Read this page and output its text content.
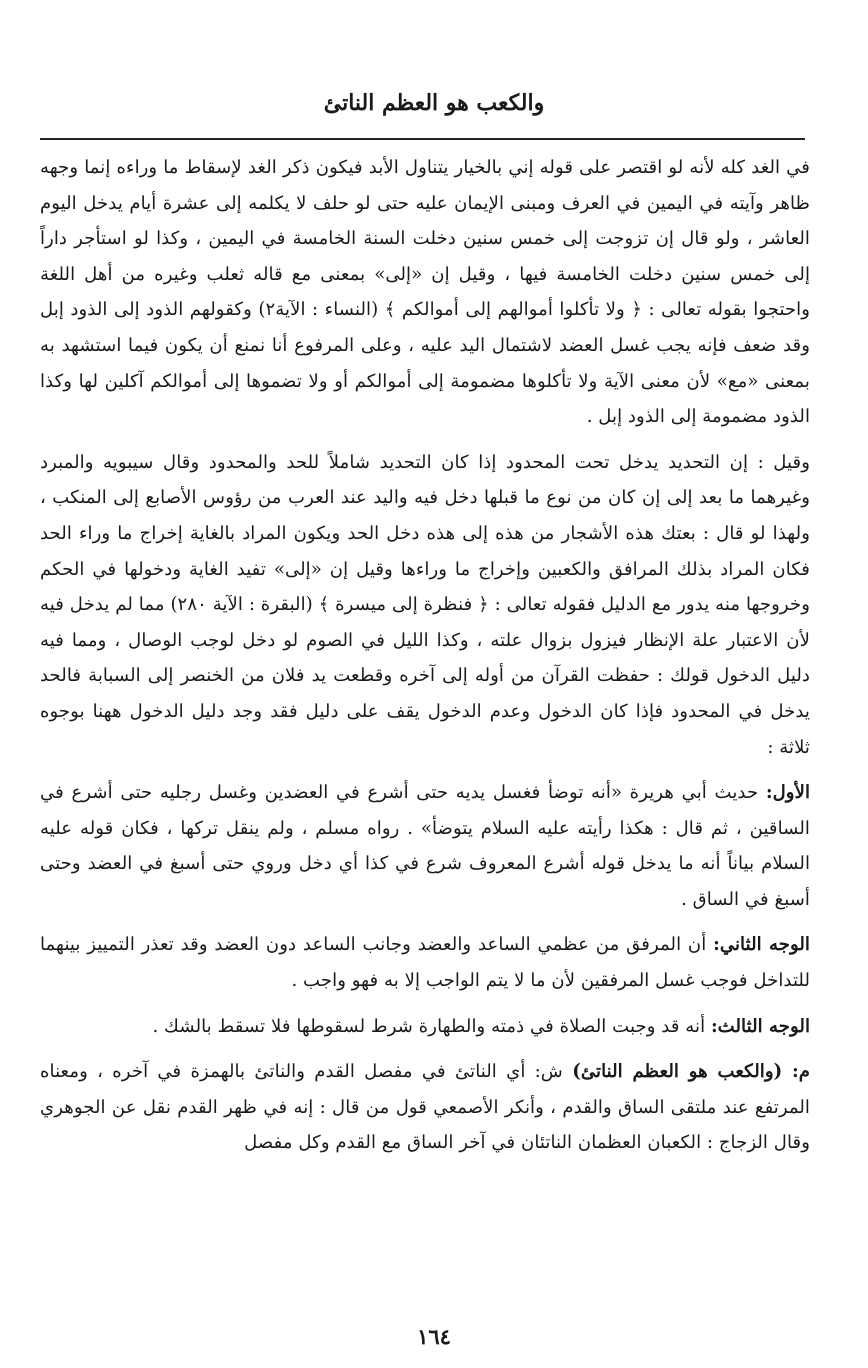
والكعب هو العظم الناتئ

في الغد كله لأنه لو اقتصر على قوله إني بالخيار يتناول الأبد فيكون ذكر الغد لإسقاط ما وراءه إنما وجهه ظاهر وآيته في اليمين في العرف ومبنى الإيمان عليه حتى لو حلف لا يكلمه إلى عشرة أيام يدخل اليوم العاشر ، ولو قال إن تزوجت إلى خمس سنين دخلت السنة الخامسة في اليمين ، وكذا لو استأجر داراً إلى خمس سنين دخلت الخامسة فيها ، وقيل إن «إلى» بمعنى مع قاله ثعلب وغيره من أهل اللغة واحتجوا بقوله تعالى : ﴿ ولا تأكلوا أموالهم إلى أموالكم ﴾ (النساء : الآية٢) وكقولهم الذود إلى الذود إبل وقد ضعف فإنه يجب غسل العضد لاشتمال اليد عليه ، وعلى المرفوع أنا نمنع أن يكون فيما استشهد به بمعنى «مع» لأن معنى الآية ولا تأكلوها مضمومة إلى أموالكم أو ولا تضموها إلى أموالكم آكلين لها وكذا الذود مضمومة إلى الذود إبل .

وقيل : إن التحديد يدخل تحت المحدود إذا كان التحديد شاملاً للحد والمحدود وقال سيبويه والمبرد وغيرهما ما بعد إلى إن كان من نوع ما قبلها دخل فيه واليد عند العرب من رؤوس الأصابع إلى المنكب ، ولهذا لو قال : بعتك هذه الأشجار من هذه إلى هذه دخل الحد ويكون المراد بالغاية إخراج ما وراء الحد فكان المراد بذلك المرافق والكعبين وإخراج ما وراءها وقيل إن «إلى» تفيد الغاية ودخولها في الحكم وخروجها منه يدور مع الدليل فقوله تعالى : ﴿ فنظرة إلى ميسرة ﴾ (البقرة : الآية ٢٨٠) مما لم يدخل فيه لأن الاعتبار علة الإنظار فيزول بزوال علته ، وكذا الليل في الصوم لو دخل لوجب الوصال ، ومما فيه دليل الدخول قولك : حفظت القرآن من أوله إلى آخره وقطعت يد فلان من الخنصر إلى السبابة فالحد يدخل في المحدود فإذا كان الدخول وعدم الدخول يقف على دليل فقد وجد دليل الدخول ههنا بوجوه ثلاثة :

الأول: حديث أبي هريرة «أنه توضأ فغسل يديه حتى أشرع في العضدين وغسل رجليه حتى أشرع في الساقين ، ثم قال : هكذا رأيته عليه السلام يتوضأ» . رواه مسلم ، ولم ينقل تركها ، فكان قوله عليه السلام بياناً أنه ما يدخل قوله أشرع المعروف شرع في كذا أي دخل وروي حتى أسبغ في العضد وحتى أسبغ في الساق .

الوجه الثاني: أن المرفق من عظمي الساعد والعضد وجانب الساعد دون العضد وقد تعذر التمييز بينهما للتداخل فوجب غسل المرفقين لأن ما لا يتم الواجب إلا به فهو واجب .

الوجه الثالث: أنه قد وجبت الصلاة في ذمته والطهارة شرط لسقوطها فلا تسقط بالشك .

م: (والكعب هو العظم الناتئ) ش: أي الناتئ في مفصل القدم والناتئ بالهمزة في آخره ، ومعناه المرتفع عند ملتقى الساق والقدم ، وأنكر الأصمعي قول من قال : إنه في ظهر القدم نقل عن الجوهري وقال الزجاج : الكعبان العظمان الناتئان في آخر الساق مع القدم وكل مفصل

١٦٤
